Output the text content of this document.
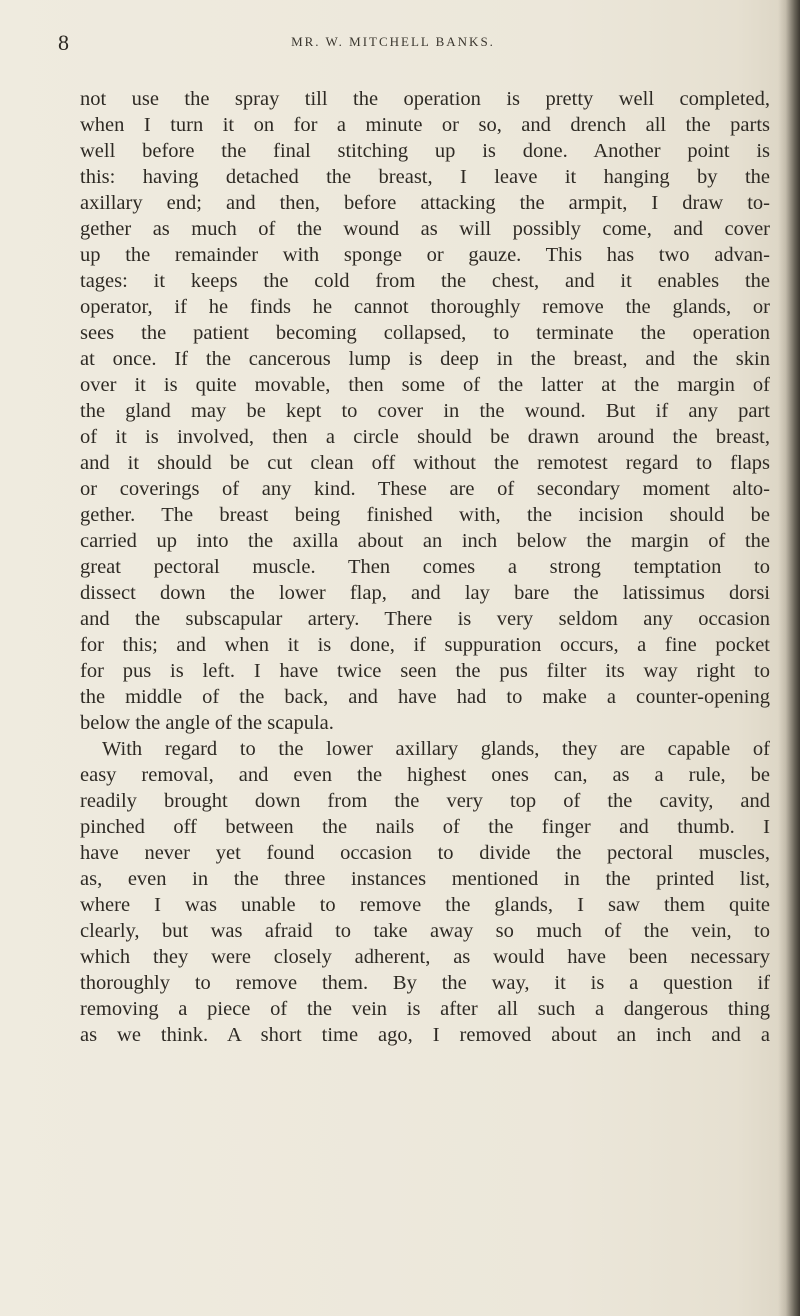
8	MR. W. MITCHELL BANKS.
not use the spray till the operation is pretty well completed,
when I turn it on for a minute or so, and drench all the parts
well before the final stitching up is done. Another point is
this: having detached the breast, I leave it hanging by the
axillary end; and then, before attacking the armpit, I draw to-
gether as much of the wound as will possibly come, and cover
up the remainder with sponge or gauze. This has two advan-
tages: it keeps the cold from the chest, and it enables the
operator, if he finds he cannot thoroughly remove the glands, or
sees the patient becoming collapsed, to terminate the operation
at once. If the cancerous lump is deep in the breast, and the skin
over it is quite movable, then some of the latter at the margin of
the gland may be kept to cover in the wound. But if any part
of it is involved, then a circle should be drawn around the breast,
and it should be cut clean off without the remotest regard to flaps
or coverings of any kind. These are of secondary moment alto-
gether. The breast being finished with, the incision should be
carried up into the axilla about an inch below the margin of the
great pectoral muscle. Then comes a strong temptation to
dissect down the lower flap, and lay bare the latissimus dorsi
and the subscapular artery. There is very seldom any occasion
for this; and when it is done, if suppuration occurs, a fine pocket
for pus is left. I have twice seen the pus filter its way right to
the middle of the back, and have had to make a counter-opening
below the angle of the scapula.
With regard to the lower axillary glands, they are capable of
easy removal, and even the highest ones can, as a rule, be
readily brought down from the very top of the cavity, and
pinched off between the nails of the finger and thumb. I
have never yet found occasion to divide the pectoral muscles,
as, even in the three instances mentioned in the printed list,
where I was unable to remove the glands, I saw them quite
clearly, but was afraid to take away so much of the vein, to
which they were closely adherent, as would have been necessary
thoroughly to remove them. By the way, it is a question if
removing a piece of the vein is after all such a dangerous thing
as we think. A short time ago, I removed about an inch and a
